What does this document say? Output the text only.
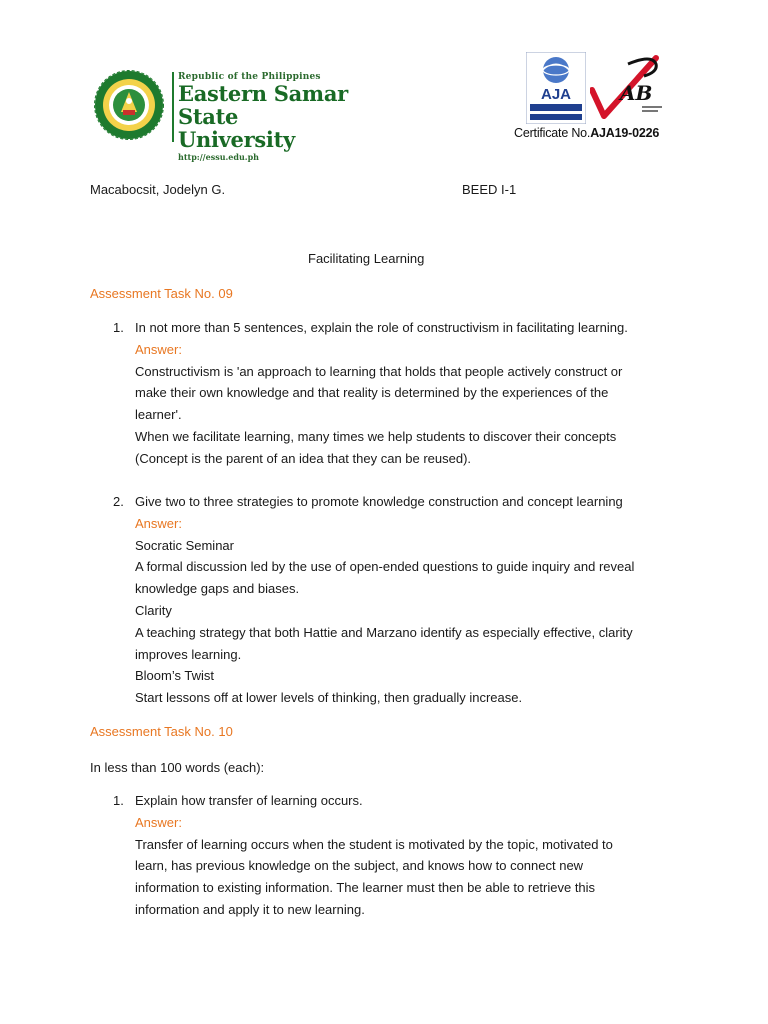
Republic of the Philippines
Eastern Samar
State University
http://essu.edu.ph
AJA AB
Certificate No.AJA19-0226
Macabocsit, Jodelyn G.	BEED I-1
Facilitating Learning
Assessment Task No. 09
1. In not more than 5 sentences, explain the role of constructivism in facilitating learning.
Answer:
Constructivism is 'an approach to learning that holds that people actively construct or
make their own knowledge and that reality is determined by the experiences of the
learner'.
When we facilitate learning, many times we help students to discover their concepts
(Concept is the parent of an idea that they can be reused).
2. Give two to three strategies to promote knowledge construction and concept learning
Answer:
Socratic Seminar
A formal discussion led by the use of open-ended questions to guide inquiry and reveal
knowledge gaps and biases.
Clarity
A teaching strategy that both Hattie and Marzano identify as especially effective, clarity
improves learning.
Bloom’s Twist
Start lessons off at lower levels of thinking, then gradually increase.
Assessment Task No. 10
In less than 100 words (each):
1. Explain how transfer of learning occurs.
Answer:
Transfer of learning occurs when the student is motivated by the topic, motivated to
learn, has previous knowledge on the subject, and knows how to connect new
information to existing information. The learner must then be able to retrieve this
information and apply it to new learning.
